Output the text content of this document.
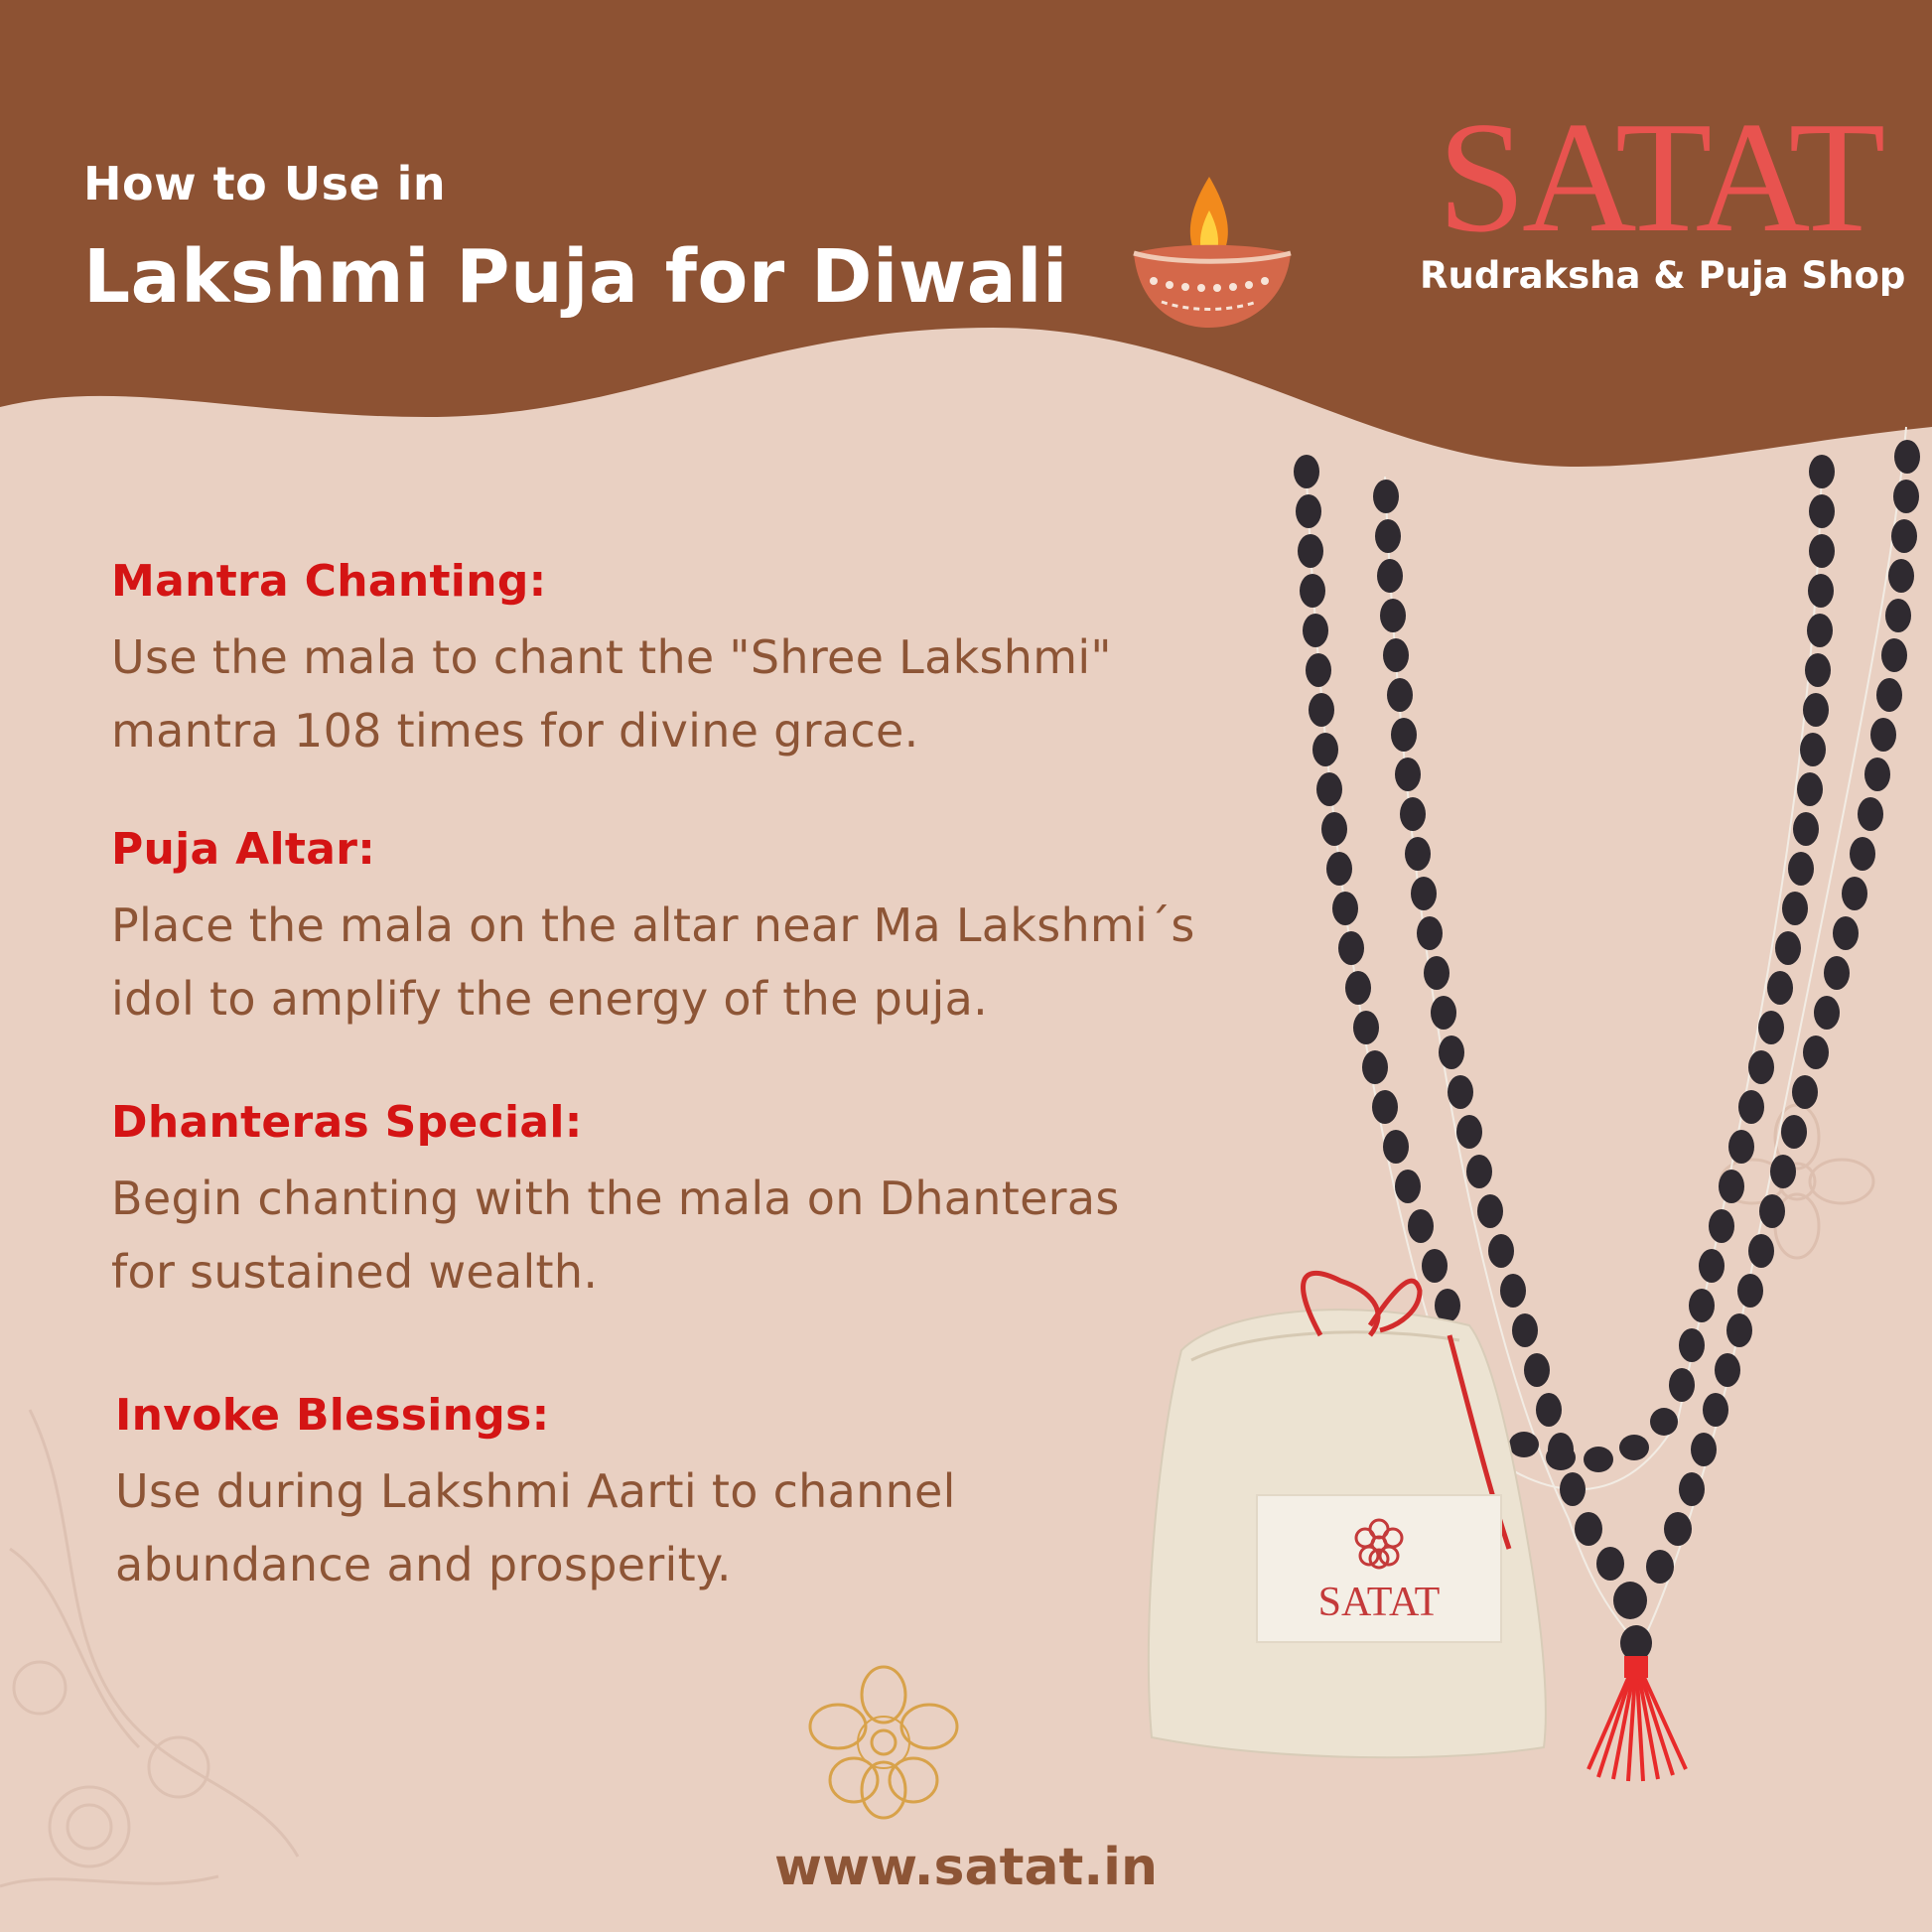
How to Use in
Lakshmi Puja for Diwali
SATAT
Rudraksha & Puja Shop
Mantra Chanting:

Use the mala to chant the "Shree Lakshmi"
mantra 108 times for divine grace.

Puja Altar:

Place the mala on the altar near Ma Lakshmi´s
idol to amplify the energy of the puja.

Dhanteras Special:

Begin chanting with the mala on Dhanteras
for sustained wealth.

Invoke Blessings:

Use during Lakshmi Aarti to channel
abundance and prosperity.

SATAT
www.satat.in
